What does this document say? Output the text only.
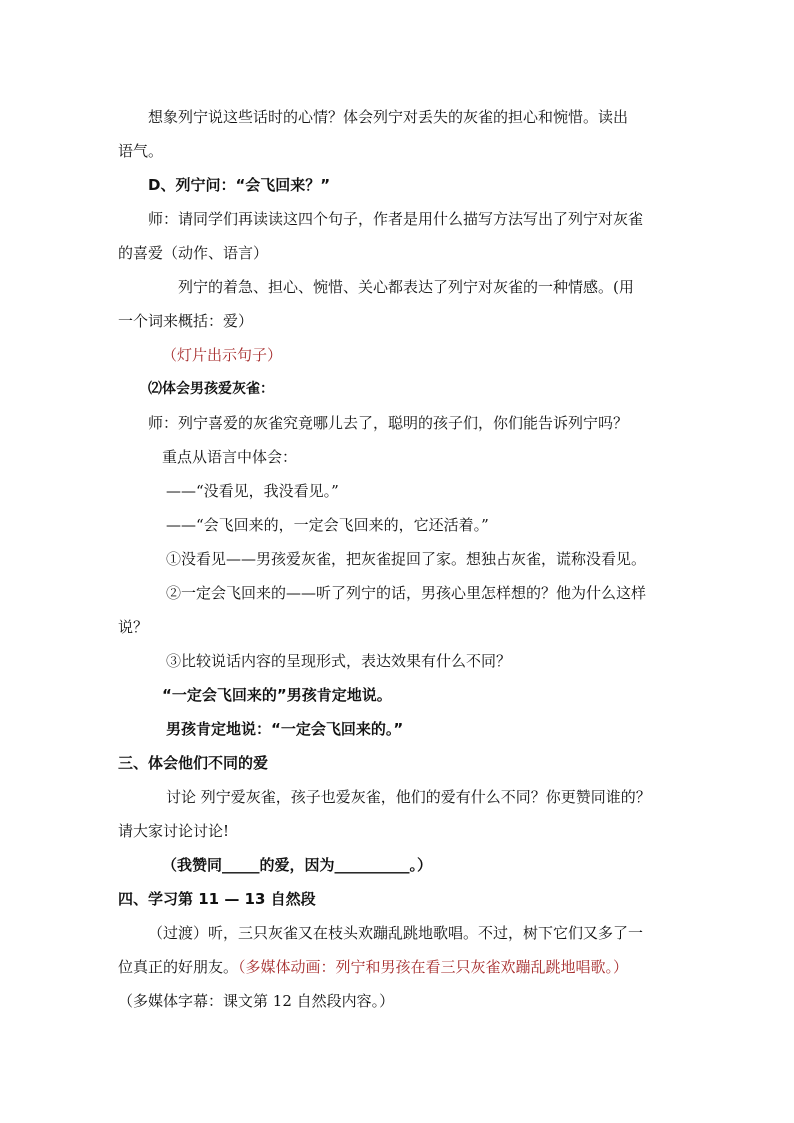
想象列宁说这些话时的心情？体会列宁对丢失的灰雀的担心和惋惜。读出

语气。

D、列宁问：“会飞回来？”

师：请同学们再读读这四个句子，作者是用什么描写方法写出了列宁对灰雀

的喜爱（动作、语言）

列宁的着急、担心、惋惜、关心都表达了列宁对灰雀的一种情感。(用

一个词来概括：爱）

（灯片出示句子）

⑵体会男孩爱灰雀：

师：列宁喜爱的灰雀究竟哪儿去了，聪明的孩子们，你们能告诉列宁吗？

重点从语言中体会：

——“没看见，我没看见。”

——“会飞回来的，一定会飞回来的，它还活着。”

①没看见——男孩爱灰雀，把灰雀捉回了家。想独占灰雀，谎称没看见。

②一定会飞回来的——听了列宁的话，男孩心里怎样想的？他为什么这样

说？

③比较说话内容的呈现形式，表达效果有什么不同？

“一定会飞回来的”男孩肯定地说。

男孩肯定地说：“一定会飞回来的。”

三、体会他们不同的爱

讨论 列宁爱灰雀，孩子也爱灰雀，他们的爱有什么不同？你更赞同谁的？

请大家讨论讨论!

（我赞同_____的爱，因为__________。）

四、学习第 11 — 13 自然段

（过渡）听，三只灰雀又在枝头欢蹦乱跳地歌唱。不过，树下它们又多了一

位真正的好朋友。（多媒体动画：列宁和男孩在看三只灰雀欢蹦乱跳地唱歌。）

（多媒体字幕：课文第 12 自然段内容。）
